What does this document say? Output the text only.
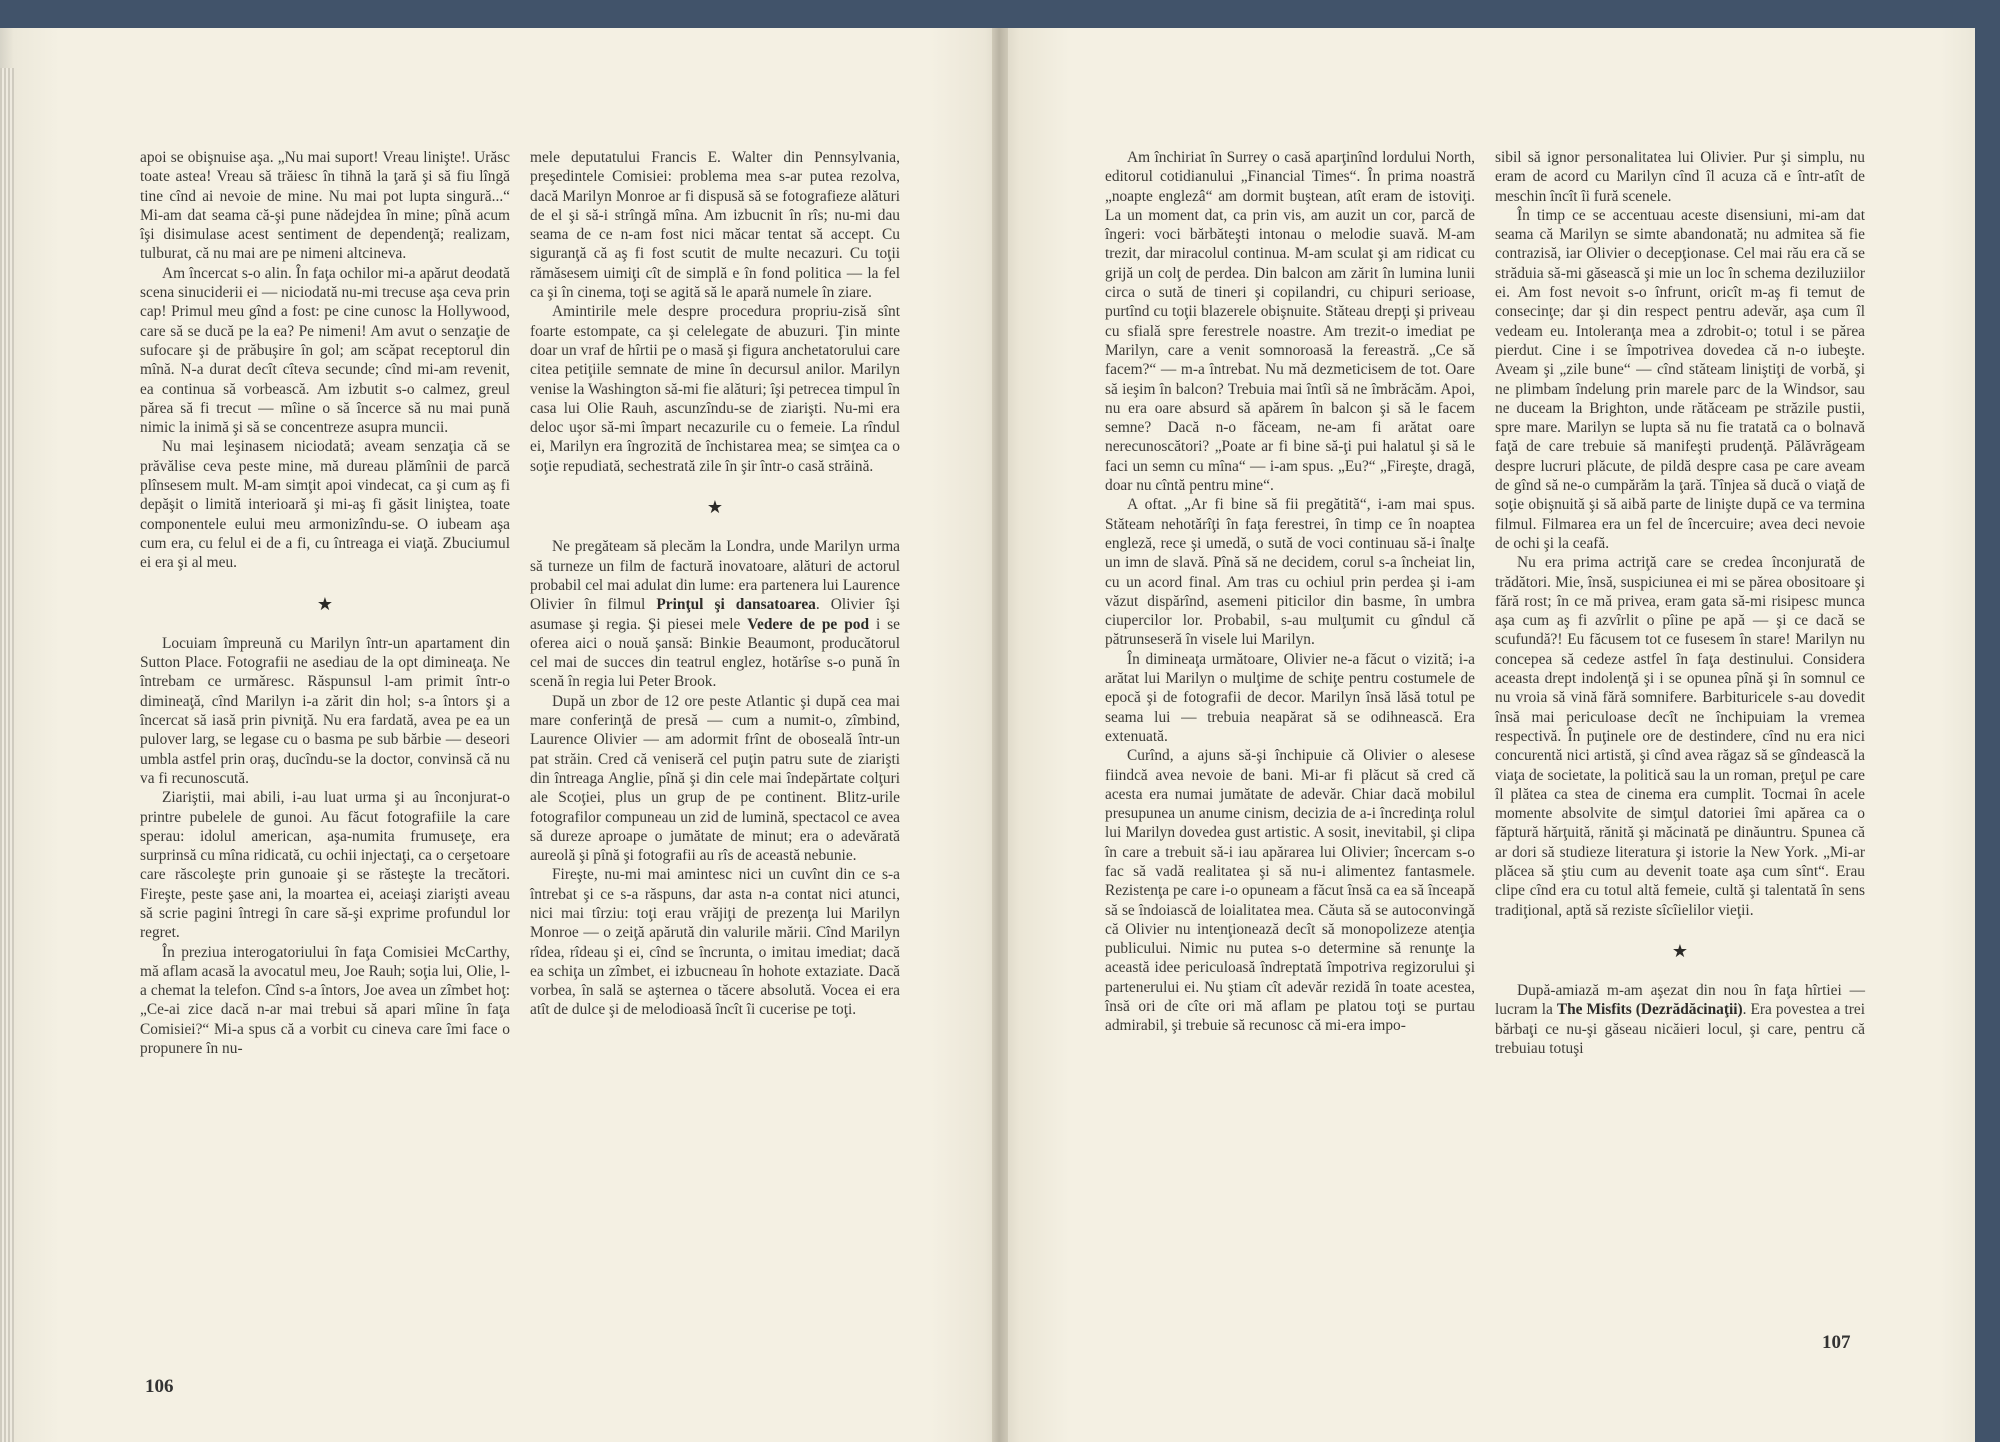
apoi se obişnuise aşa. „Nu mai suport! Vreau linişte!. Urăsc toate astea! Vreau să trăiesc în tihnă la ţară şi să fiu lîngă tine cînd ai nevoie de mine. Nu mai pot lupta singură...“ Mi-am dat seama că-şi pune nădejdea în mine; pînă acum îşi disimulase acest sentiment de dependenţă; realizam, tulburat, că nu mai are pe nimeni altcineva.

Am încercat s-o alin. În faţa ochilor mi-a apărut deodată scena sinuciderii ei — niciodată nu-mi trecuse aşa ceva prin cap! Primul meu gînd a fost: pe cine cunosc la Hollywood, care să se ducă pe la ea? Pe nimeni! Am avut o senzaţie de sufocare şi de prăbuşire în gol; am scăpat receptorul din mînă. N-a durat decît cîteva secunde; cînd mi-am revenit, ea continua să vorbească. Am izbutit s-o calmez, greul părea să fi trecut — mîine o să încerce să nu mai pună nimic la inimă şi să se concentreze asupra muncii.

Nu mai leşinasem niciodată; aveam senzaţia că se prăvălise ceva peste mine, mă dureau plămînii de parcă plînsesem mult. M-am simţit apoi vindecat, ca şi cum aş fi depăşit o limită interioară şi mi-aş fi găsit liniştea, toate componentele eului meu armonizîndu-se. O iubeam aşa cum era, cu felul ei de a fi, cu întreaga ei viaţă. Zbuciumul ei era şi al meu.

★

Locuiam împreună cu Marilyn într-un apartament din Sutton Place. Fotografii ne asediau de la opt dimineaţa. Ne întrebam ce urmăresc. Răspunsul l-am primit într-o dimineaţă, cînd Marilyn i-a zărit din hol; s-a întors şi a încercat să iasă prin pivniţă. Nu era fardată, avea pe ea un pulover larg, se legase cu o basma pe sub bărbie — deseori umbla astfel prin oraş, ducîndu-se la doctor, convinsă că nu va fi recunoscută.

Ziariştii, mai abili, i-au luat urma şi au înconjurat-o printre pubelele de gunoi. Au făcut fotografiile la care sperau: idolul american, aşa-numita frumuseţe, era surprinsă cu mîna ridicată, cu ochii injectaţi, ca o cerşetoare care răscoleşte prin gunoaie şi se răsteşte la trecători. Fireşte, peste şase ani, la moartea ei, aceiaşi ziarişti aveau să scrie pagini întregi în care să-şi exprime profundul lor regret.

În preziua interogatoriului în faţa Comisiei McCarthy, mă aflam acasă la avocatul meu, Joe Rauh; soţia lui, Olie, l-a chemat la telefon. Cînd s-a întors, Joe avea un zîmbet hoţ: „Ce-ai zice dacă n-ar mai trebui să apari mîine în faţa Comisiei?“ Mi-a spus că a vorbit cu cineva care îmi face o propunere în nu-

mele deputatului Francis E. Walter din Pennsylvania, preşedintele Comisiei: problema mea s-ar putea rezolva, dacă Marilyn Monroe ar fi dispusă să se fotografieze alături de el şi să-i strîngă mîna. Am izbucnit în rîs; nu-mi dau seama de ce n-am fost nici măcar tentat să accept. Cu siguranţă că aş fi fost scutit de multe necazuri. Cu toţii rămăsesem uimiţi cît de simplă e în fond politica — la fel ca şi în cinema, toţi se agită să le apară numele în ziare.

Amintirile mele despre procedura propriu-zisă sînt foarte estompate, ca şi celelegate de abuzuri. Ţin minte doar un vraf de hîrtii pe o masă şi figura anchetatorului care citea petiţiile semnate de mine în decursul anilor. Marilyn venise la Washington să-mi fie alături; îşi petrecea timpul în casa lui Olie Rauh, ascunzîndu-se de ziarişti. Nu-mi era deloc uşor să-mi împart necazurile cu o femeie. La rîndul ei, Marilyn era îngrozită de închistarea mea; se simţea ca o soţie repudiată, sechestrată zile în şir într-o casă străină.

★

Ne pregăteam să plecăm la Londra, unde Marilyn urma să turneze un film de factură inovatoare, alături de actorul probabil cel mai adulat din lume: era partenera lui Laurence Olivier în filmul Prinţul şi dansatoarea. Olivier îşi asumase şi regia. Şi piesei mele Vedere de pe pod i se oferea aici o nouă şansă: Binkie Beaumont, producătorul cel mai de succes din teatrul englez, hotărîse s-o pună în scenă în regia lui Peter Brook.

După un zbor de 12 ore peste Atlantic şi după cea mai mare conferinţă de presă — cum a numit-o, zîmbind, Laurence Olivier — am adormit frînt de oboseală într-un pat străin. Cred că veniseră cel puţin patru sute de ziarişti din întreaga Anglie, pînă şi din cele mai îndepărtate colţuri ale Scoţiei, plus un grup de pe continent. Blitz-urile fotografilor compuneau un zid de lumină, spectacol ce avea să dureze aproape o jumătate de minut; era o adevărată aureolă şi pînă şi fotografii au rîs de această nebunie.

Fireşte, nu-mi mai amintesc nici un cuvînt din ce s-a întrebat şi ce s-a răspuns, dar asta n-a contat nici atunci, nici mai tîrziu: toţi erau vrăjiţi de prezenţa lui Marilyn Monroe — o zeiţă apărută din valurile mării. Cînd Marilyn rîdea, rîdeau şi ei, cînd se încrunta, o imitau imediat; dacă ea schiţa un zîmbet, ei izbucneau în hohote extaziate. Dacă vorbea, în sală se aşternea o tăcere absolută. Vocea ei era atît de dulce şi de melodioasă încît îi cucerise pe toţi.

106

Am închiriat în Surrey o casă aparţinînd lordului North, editorul cotidianului „Financial Times“. În prima noastră „noapte englezâ“ am dormit buştean, atît eram de istoviţi. La un moment dat, ca prin vis, am auzit un cor, parcă de îngeri: voci bărbăteşti intonau o melodie suavă. M-am trezit, dar miracolul continua. M-am sculat şi am ridicat cu grijă un colţ de perdea. Din balcon am zărit în lumina lunii circa o sută de tineri şi copilandri, cu chipuri serioase, purtînd cu toţii blazerele obişnuite. Stăteau drepţi şi priveau cu sfială spre ferestrele noastre. Am trezit-o imediat pe Marilyn, care a venit somnoroasă la fereastră. „Ce să facem?“ — m-a întrebat. Nu mă dezmeticisem de tot. Oare să ieşim în balcon? Trebuia mai întîi să ne îmbrăcăm. Apoi, nu era oare absurd să apărem în balcon şi să le facem semne? Dacă n-o făceam, ne-am fi arătat oare nerecunoscători? „Poate ar fi bine să-ţi pui halatul şi să le faci un semn cu mîna“ — i-am spus. „Eu?“ „Fireşte, dragă, doar nu cîntă pentru mine“.

A oftat. „Ar fi bine să fii pregătită“, i-am mai spus. Stăteam nehotărîţi în faţa ferestrei, în timp ce în noaptea engleză, rece şi umedă, o sută de voci continuau să-i înalţe un imn de slavă. Pînă să ne decidem, corul s-a încheiat lin, cu un acord final. Am tras cu ochiul prin perdea şi i-am văzut dispărînd, asemeni piticilor din basme, în umbra ciupercilor lor. Probabil, s-au mulţumit cu gîndul că pătrunseseră în visele lui Marilyn.

În dimineaţa următoare, Olivier ne-a făcut o vizită; i-a arătat lui Marilyn o mulţime de schiţe pentru costumele de epocă şi de fotografii de decor. Marilyn însă lăsă totul pe seama lui — trebuia neapărat să se odihnească. Era extenuată.

Curînd, a ajuns să-şi închipuie că Olivier o alesese fiindcă avea nevoie de bani. Mi-ar fi plăcut să cred că acesta era numai jumătate de adevăr. Chiar dacă mobilul presupunea un anume cinism, decizia de a-i încredinţa rolul lui Marilyn dovedea gust artistic. A sosit, inevitabil, şi clipa în care a trebuit să-i iau apărarea lui Olivier; încercam s-o fac să vadă realitatea şi să nu-i alimentez fantasmele. Rezistenţa pe care i-o opuneam a făcut însă ca ea să înceapă să se îndoiască de loialitatea mea. Căuta să se autoconvingă că Olivier nu intenţionează decît să monopolizeze atenţia publicului. Nimic nu putea s-o determine să renunţe la această idee periculoasă îndreptată împotriva regizorului şi partenerului ei. Nu ştiam cît adevăr rezidă în toate acestea, însă ori de cîte ori mă aflam pe platou toţi se purtau admirabil, şi trebuie să recunosc că mi-era impo-

sibil să ignor personalitatea lui Olivier. Pur şi simplu, nu eram de acord cu Marilyn cînd îl acuza că e într-atît de meschin încît îi fură scenele.

În timp ce se accentuau aceste disensiuni, mi-am dat seama că Marilyn se simte abandonată; nu admitea să fie contrazisă, iar Olivier o decepţionase. Cel mai rău era că se străduia să-mi găsească şi mie un loc în schema deziluziilor ei. Am fost nevoit s-o înfrunt, oricît m-aş fi temut de consecinţe; dar şi din respect pentru adevăr, aşa cum îl vedeam eu. Intoleranţa mea a zdrobit-o; totul i se părea pierdut. Cine i se împotrivea dovedea că n-o iubeşte. Aveam şi „zile bune“ — cînd stăteam liniştiţi de vorbă, şi ne plimbam îndelung prin marele parc de la Windsor, sau ne duceam la Brighton, unde rătăceam pe străzile pustii, spre mare. Marilyn se lupta să nu fie tratată ca o bolnavă faţă de care trebuie să manifeşti prudenţă. Pălăvrăgeam despre lucruri plăcute, de pildă despre casa pe care aveam de gînd să ne-o cumpărăm la ţară. Tînjea să ducă o viaţă de soţie obişnuită şi să aibă parte de linişte după ce va termina filmul. Filmarea era un fel de încercuire; avea deci nevoie de ochi şi la ceafă.

Nu era prima actriţă care se credea înconjurată de trădători. Mie, însă, suspiciunea ei mi se părea obositoare şi fără rost; în ce mă privea, eram gata să-mi risipesc munca aşa cum aş fi azvîrlit o pîine pe apă — şi ce dacă se scufundă?! Eu făcusem tot ce fusesem în stare! Marilyn nu concepea să cedeze astfel în faţa destinului. Considera aceasta drept indolenţă şi i se opunea pînă şi în somnul ce nu vroia să vină fără somnifere. Barbituricele s-au dovedit însă mai periculoase decît ne închipuiam la vremea respectivă. În puţinele ore de destindere, cînd nu era nici concurentă nici artistă, şi cînd avea răgaz să se gîndească la viaţa de societate, la politică sau la un roman, preţul pe care îl plătea ca stea de cinema era cumplit. Tocmai în acele momente absolvite de simţul datoriei îmi apărea ca o făptură hărţuită, rănită şi măcinată pe dinăuntru. Spunea că ar dori să studieze literatura şi istorie la New York. „Mi-ar plăcea să ştiu cum au devenit toate aşa cum sînt“. Erau clipe cînd era cu totul altă femeie, cultă şi talentată în sens tradiţional, aptă să reziste sîcîielilor vieţii.

★

După-amiază m-am aşezat din nou în faţa hîrtiei — lucram la The Misfits (Dezrădăcinaţii). Era povestea a trei bărbaţi ce nu-şi găseau nicăieri locul, şi care, pentru că trebuiau totuşi

107
